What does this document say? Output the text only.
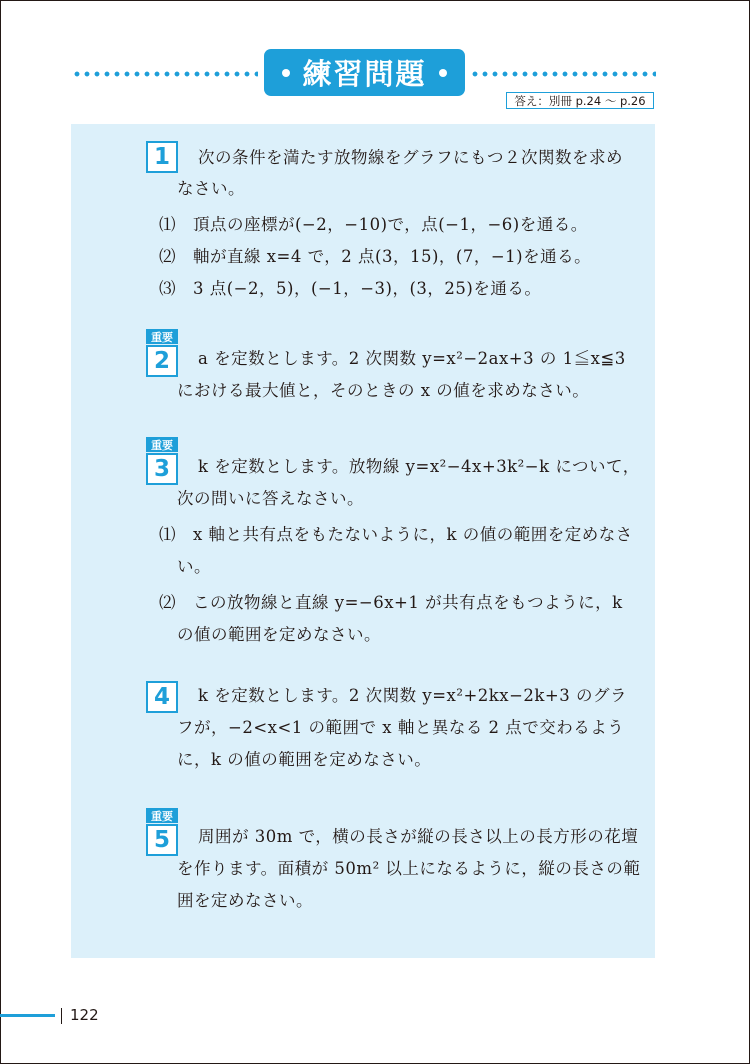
練習問題
答え：別冊 p.24 ～ p.26
1	次の条件を満たす放物線をグラフにもつ２次関数を求め
なさい。
⑴　頂点の座標が(−2，−10)で，点(−1，−6)を通る。
⑵　軸が直線 x=4 で，2 点(3，15)，(7，−1)を通る。
⑶　3 点(−2，5)，(−1，−3)，(3，25)を通る。
重要
2	a を定数とします。2 次関数 y=x²−2ax+3 の 1≦x≦3
における最大値と，そのときの x の値を求めなさい。
重要
3	k を定数とします。放物線 y=x²−4x+3k²−k について，
次の問いに答えなさい。
⑴　x 軸と共有点をもたないように，k の値の範囲を定めなさ
い。
⑵　この放物線と直線 y=−6x+1 が共有点をもつように，k
の値の範囲を定めなさい。
4	k を定数とします。2 次関数 y=x²+2kx−2k+3 のグラ
フが，−2<x<1 の範囲で x 軸と異なる 2 点で交わるよう
に，k の値の範囲を定めなさい。
重要
5	周囲が 30m で，横の長さが縦の長さ以上の長方形の花壇
を作ります。面積が 50m² 以上になるように，縦の長さの範
囲を定めなさい。
122
